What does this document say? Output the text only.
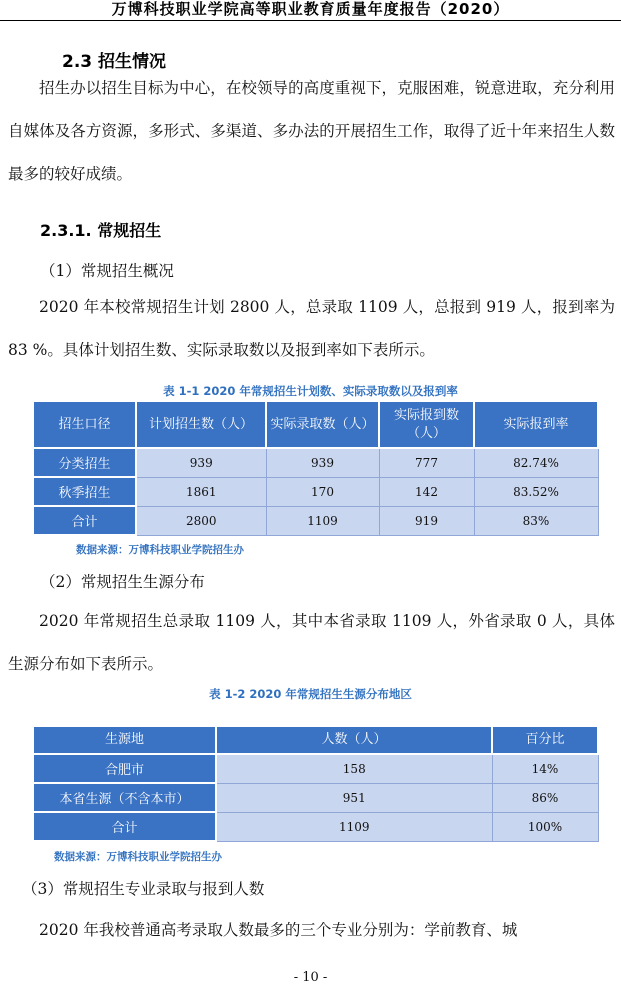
万博科技职业学院高等职业教育质量年度报告（2020）
2.3 招生情况
招生办以招生目标为中心，在校领导的高度重视下，克服困难，锐意进取，充分利用自媒体及各方资源，多形式、多渠道、多办法的开展招生工作，取得了近十年来招生人数最多的较好成绩。
2.3.1. 常规招生
（1）常规招生概况
2020 年本校常规招生计划 2800 人，总录取 1109 人，总报到 919 人，报到率为 83 %。具体计划招生数、实际录取数以及报到率如下表所示。
表 1-1 2020 年常规招生计划数、实际录取数以及报到率
招生口径	计划招生数（人）	实际录取数（人）	实际报到数（人）	实际报到率
分类招生	939	939	777	82.74%
秋季招生	1861	170	142	83.52%
合计	2800	1109	919	83%
数据来源：万博科技职业学院招生办
（2）常规招生生源分布
2020 年常规招生总录取 1109 人，其中本省录取 1109 人，外省录取 0 人，具体生源分布如下表所示。
表 1-2 2020 年常规招生生源分布地区
生源地	人数（人）	百分比
合肥市	158	14%
本省生源（不含本市）	951	86%
合计	1109	100%
数据来源：万博科技职业学院招生办
（3）常规招生专业录取与报到人数
2020 年我校普通高考录取人数最多的三个专业分别为：学前教育、城
- 10 -
